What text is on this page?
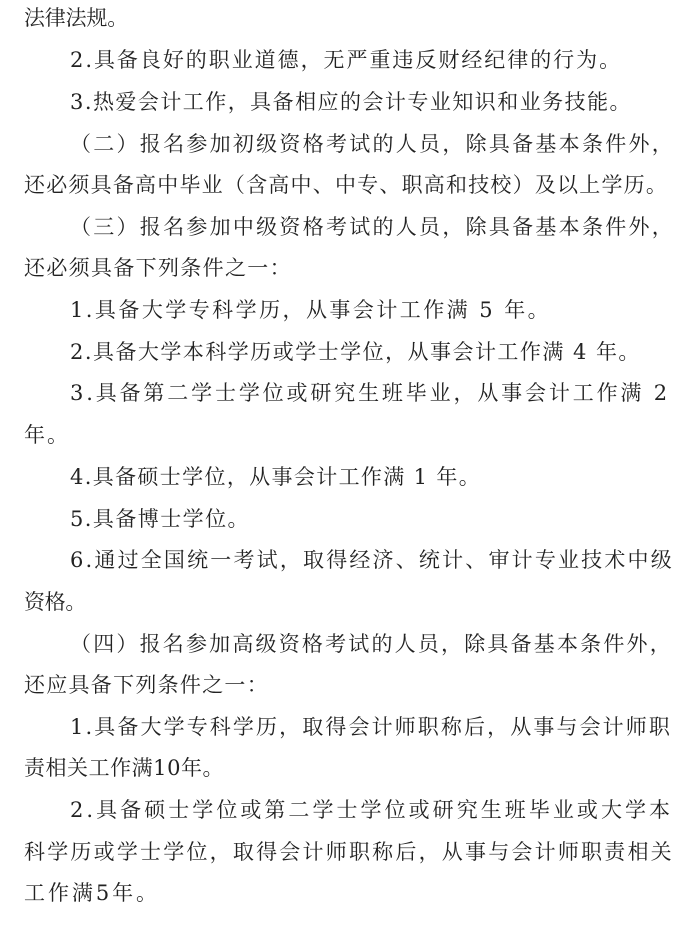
法律法规。
2.具备良好的职业道德，无严重违反财经纪律的行为。
3.热爱会计工作，具备相应的会计专业知识和业务技能。
（二）报名参加初级资格考试的人员，除具备基本条件外，
还必须具备高中毕业（含高中、中专、职高和技校）及以上学历。
（三）报名参加中级资格考试的人员，除具备基本条件外，
还必须具备下列条件之一：
1.具备大学专科学历，从事会计工作满 5 年。
2.具备大学本科学历或学士学位，从事会计工作满 4 年。
3.具备第二学士学位或研究生班毕业，从事会计工作满 2
年。
4.具备硕士学位，从事会计工作满 1 年。
5.具备博士学位。
6.通过全国统一考试，取得经济、统计、审计专业技术中级
资格。
（四）报名参加高级资格考试的人员，除具备基本条件外，
还应具备下列条件之一：
1.具备大学专科学历，取得会计师职称后，从事与会计师职
责相关工作满10年。
2.具备硕士学位或第二学士学位或研究生班毕业或大学本
科学历或学士学位，取得会计师职称后，从事与会计师职责相关
工作满5年。
